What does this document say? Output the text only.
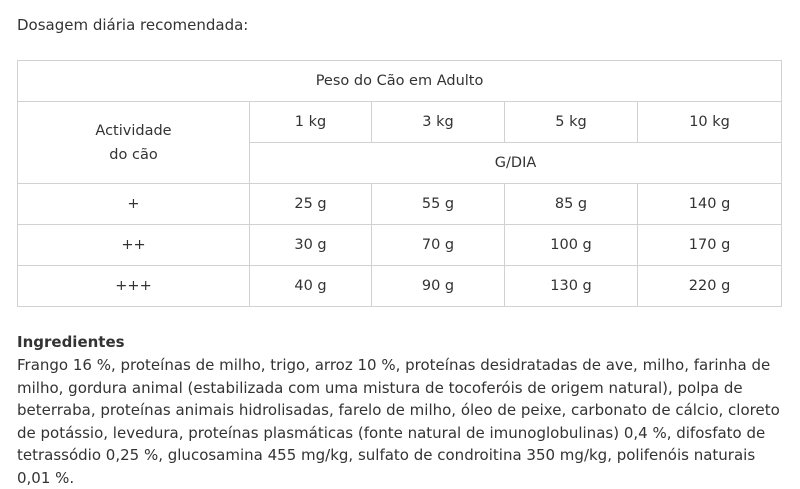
Dosagem diária recomendada:
Peso do Cão em Adulto				
Actividade
do cão	1 kg	3 kg	5 kg	10 kg
	G/DIA			
+	25 g	55 g	85 g	140 g
++	30 g	70 g	100 g	170 g
+++	40 g	90 g	130 g	220 g
Ingredientes
Frango 16 %, proteínas de milho, trigo, arroz 10 %, proteínas desidratadas de ave, milho, farinha de milho, gordura animal (estabilizada com uma mistura de tocoferóis de origem natural), polpa de beterraba, proteínas animais hidrolisadas, farelo de milho, óleo de peixe, carbonato de cálcio, cloreto de potássio, levedura, proteínas plasmáticas (fonte natural de imunoglobulinas) 0,4 %, difosfato de tetrassódio 0,25 %, glucosamina 455 mg/kg, sulfato de condroitina 350 mg/kg, polifenóis naturais 0,01 %.
